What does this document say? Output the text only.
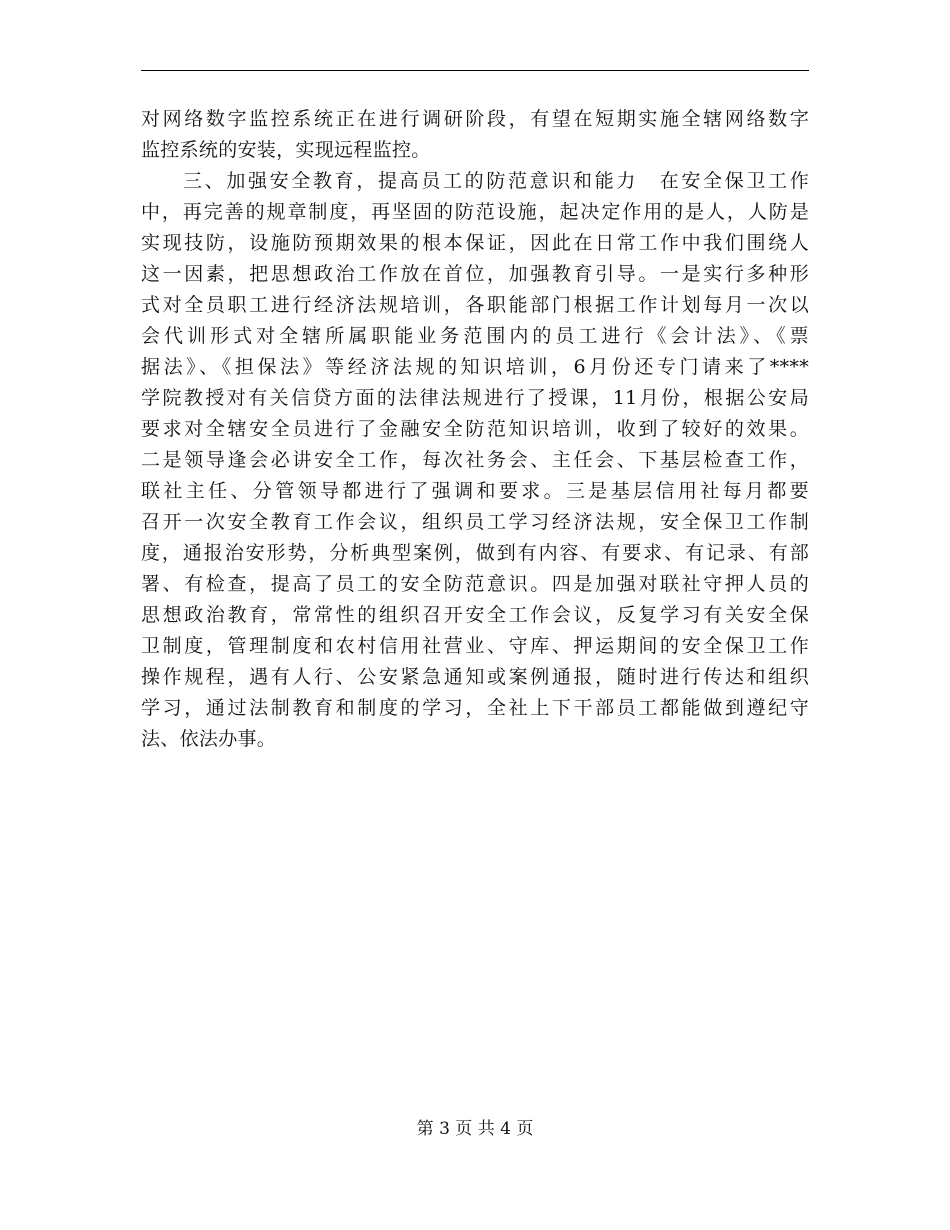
对网络数字监控系统正在进行调研阶段，有望在短期实施全辖网络数字
监控系统的安装，实现远程监控。
三、加强安全教育，提高员工的防范意识和能力　在安全保卫工作
中，再完善的规章制度，再坚固的防范设施，起决定作用的是人，人防是
实现技防，设施防预期效果的根本保证，因此在日常工作中我们围绕人
这一因素，把思想政治工作放在首位，加强教育引导。一是实行多种形
式对全员职工进行经济法规培训，各职能部门根据工作计划每月一次以
会代训形式对全辖所属职能业务范围内的员工进行《会计法》、《票
据法》、《担保法》等经济法规的知识培训，6月份还专门请来了****
学院教授对有关信贷方面的法律法规进行了授课，11月份，根据公安局
要求对全辖安全员进行了金融安全防范知识培训，收到了较好的效果。
二是领导逢会必讲安全工作，每次社务会、主任会、下基层检查工作，
联社主任、分管领导都进行了强调和要求。三是基层信用社每月都要
召开一次安全教育工作会议，组织员工学习经济法规，安全保卫工作制
度，通报治安形势，分析典型案例，做到有内容、有要求、有记录、有部
署、有检查，提高了员工的安全防范意识。四是加强对联社守押人员的
思想政治教育，常常性的组织召开安全工作会议，反复学习有关安全保
卫制度，管理制度和农村信用社营业、守库、押运期间的安全保卫工作
操作规程，遇有人行、公安紧急通知或案例通报，随时进行传达和组织
学习，通过法制教育和制度的学习，全社上下干部员工都能做到遵纪守
法、依法办事。
第 3 页 共 4 页
